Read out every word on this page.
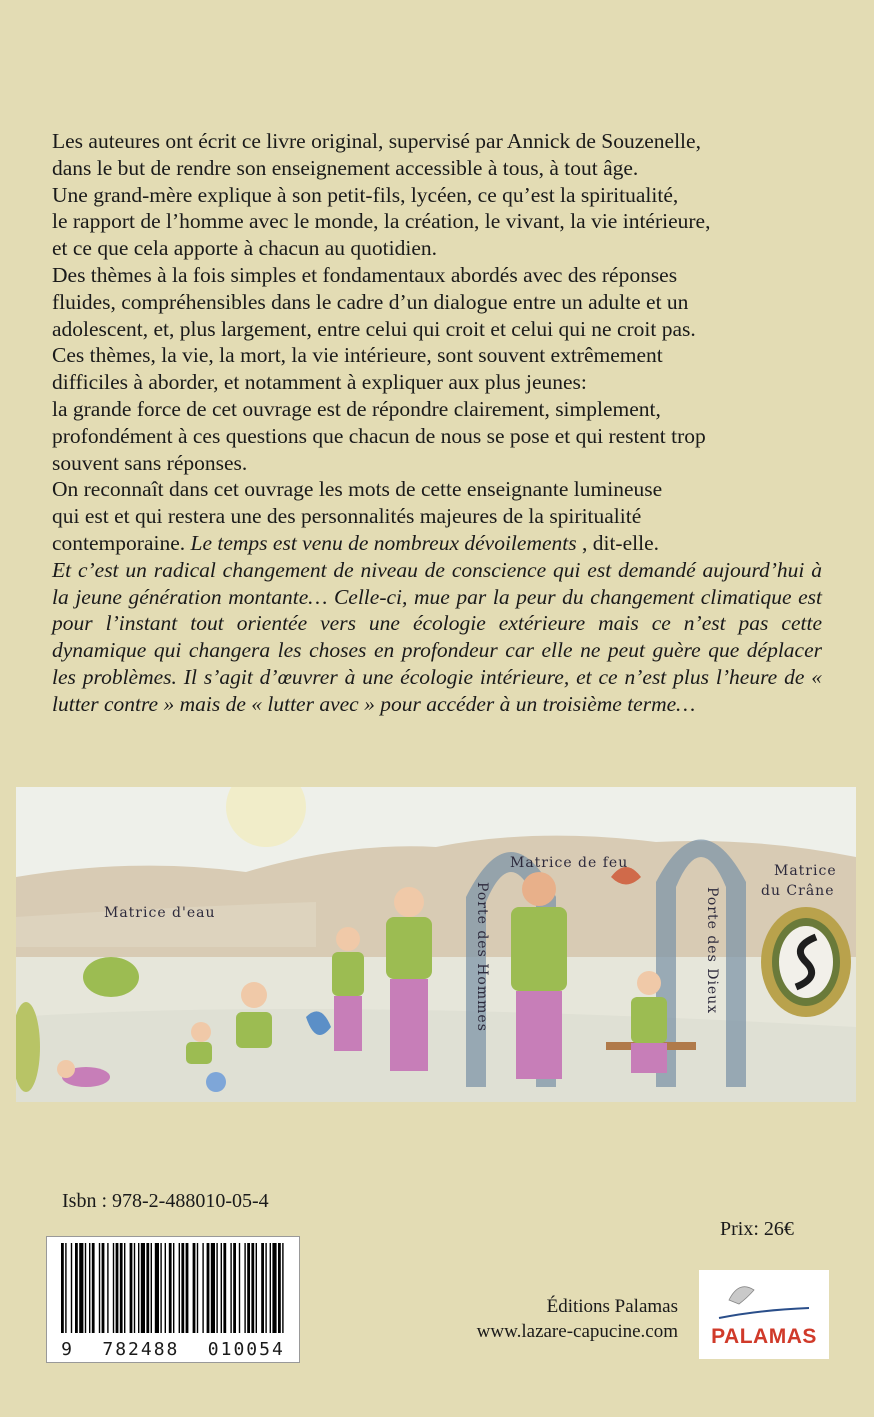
Les auteures ont écrit ce livre original, supervisé par Annick de Souzenelle,
dans le but de rendre son enseignement accessible à tous, à tout âge.
Une grand-mère explique à son petit-fils, lycéen, ce qu’est la spiritualité,
le rapport de l’homme avec le monde, la création, le vivant, la vie intérieure,
et ce que cela apporte à chacun au quotidien.
Des thèmes à la fois simples et fondamentaux abordés avec des réponses
fluides, compréhensibles dans le cadre d’un dialogue entre un adulte et un
adolescent, et, plus largement, entre celui qui croit et celui qui ne croit pas.
Ces thèmes, la vie, la mort, la vie intérieure, sont souvent extrêmement
difficiles à aborder, et notamment à expliquer aux plus jeunes:
la grande force de cet ouvrage est de répondre clairement, simplement,
profondément à ces questions que chacun de nous se pose et qui restent trop
souvent sans réponses.
On reconnaît dans cet ouvrage les mots de cette enseignante lumineuse
qui est et qui restera une des personnalités majeures de la spiritualité
contemporaine. Le temps est venu de nombreux dévoilements , dit-elle.
Et c’est un radical changement de niveau de conscience qui est demandé aujourd’hui à la jeune génération montante… Celle-ci, mue par la peur du changement climatique est pour l’instant tout orientée vers une écologie extérieure mais ce n’est pas cette dynamique qui changera les choses en profondeur car elle ne peut guère que déplacer les problèmes. Il s’agit d’œuvrer à une écologie intérieure, et ce n’est plus l’heure de « lutter contre » mais de « lutter avec » pour accéder à un troisième terme…
Matrice d'eau
Matrice de feu	Matrice
du Crâne
Porte des Hommes	Porte des Dieux
Isbn : 978-2-488010-05-4
Prix: 26€
9 782488 010054
Éditions Palamas
www.lazare-capucine.com	PALAMAS
